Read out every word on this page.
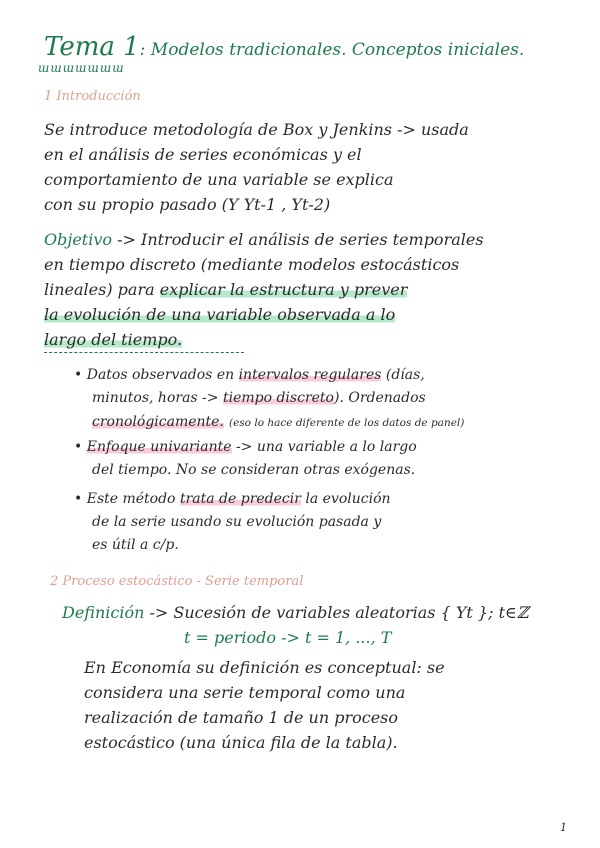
Tema 1: Modelos tradicionales. Conceptos iniciales.
ɯɯɯɯɯɯɯ
1 Introducción
Se introduce metodología de Box y Jenkins -> usada
en el análisis de series económicas y el
comportamiento de una variable se explica
con su propio pasado (Y Yt-1 , Yt-2)
Objetivo -> Introducir el análisis de series temporales
en tiempo discreto (mediante modelos estocásticos
lineales) para explicar la estructura y prever
la evolución de una variable observada a lo
largo del tiempo.
• Datos observados en intervalos regulares (días,
minutos, horas -> tiempo discreto). Ordenados
cronológicamente. (eso lo hace diferente de los datos de panel)
• Enfoque univariante -> una variable a lo largo
del tiempo. No se consideran otras exógenas.
• Este método trata de predecir la evolución
de la serie usando su evolución pasada y
es útil a c/p.
2 Proceso estocástico - Serie temporal
Definición -> Sucesión de variables aleatorias { Yt }; t∈ℤ
t = periodo -> t = 1, ..., T
En Economía su definición es conceptual: se
considera una serie temporal como una
realización de tamaño 1 de un proceso
estocástico (una única fila de la tabla).
1
